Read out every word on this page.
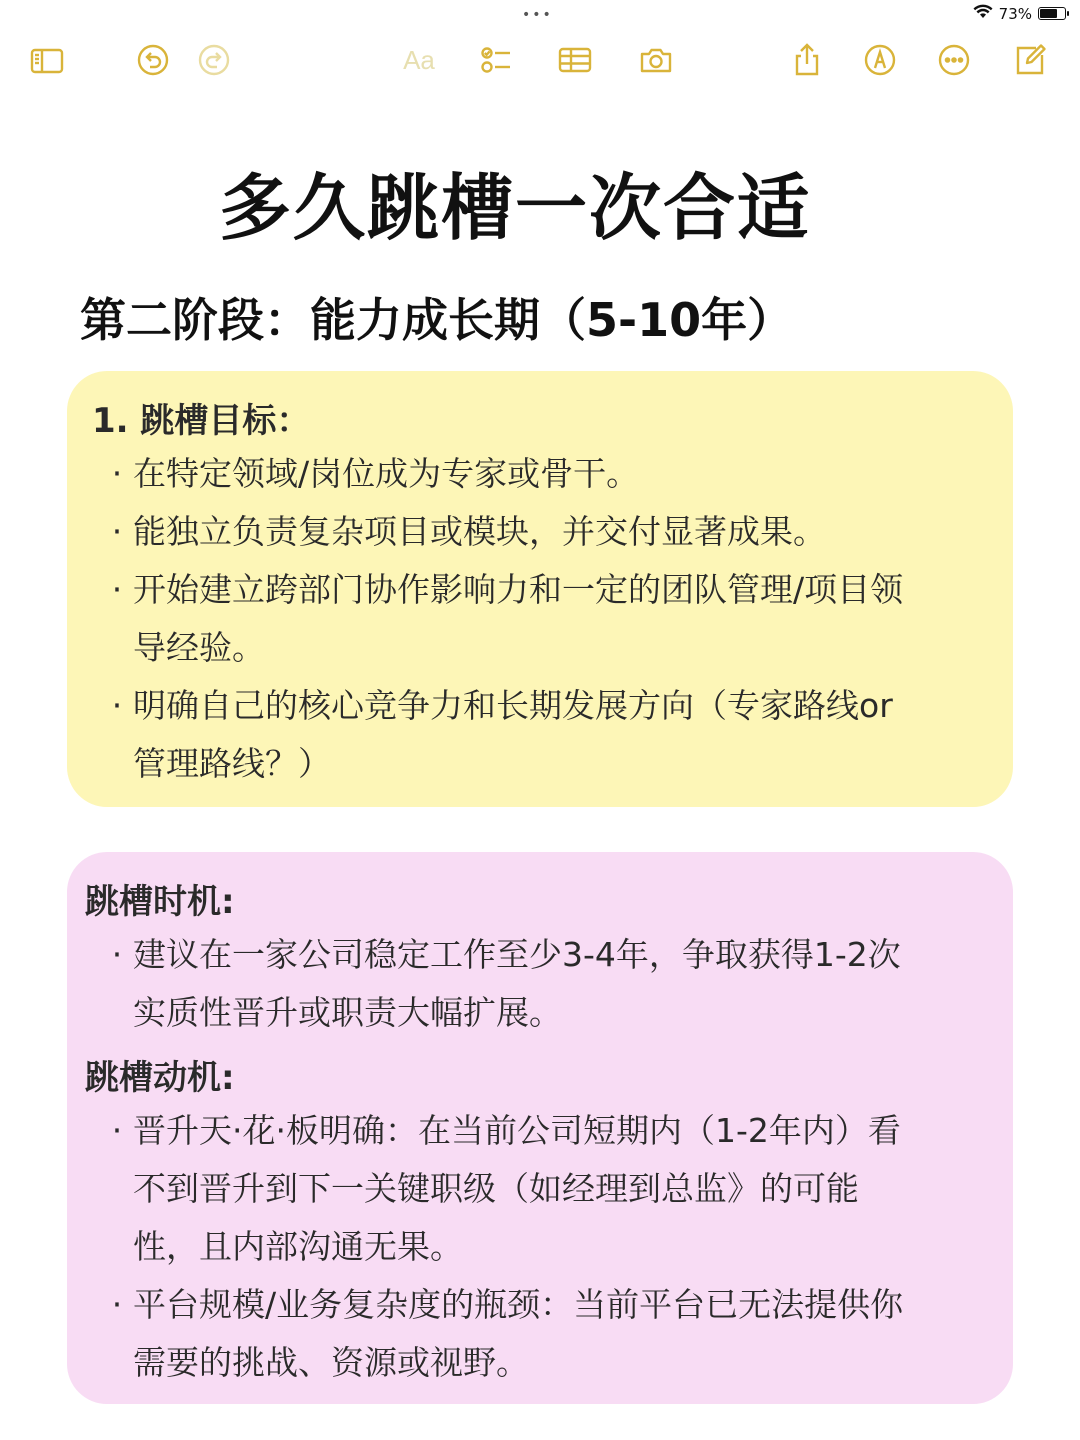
•••	73%
Aa
多久跳槽一次合适
第二阶段：能力成长期（5-10年）
1. 跳槽目标：
· 在特定领域/岗位成为专家或骨干。
· 能独立负责复杂项目或模块，并交付显著成果。
· 开始建立跨部门协作影响力和一定的团队管理/项目领
导经验。
· 明确自己的核心竞争力和长期发展方向（专家路线or
管理路线？）
跳槽时机:
· 建议在一家公司稳定工作至少3-4年，争取获得1-2次
实质性晋升或职责大幅扩展。
跳槽动机:
· 晋升天·花·板明确：在当前公司短期内（1-2年内）看
不到晋升到下一关键职级（如经理到总监》的可能
性，且内部沟通无果。
· 平台规模/业务复杂度的瓶颈：当前平台已无法提供你
需要的挑战、资源或视野。
